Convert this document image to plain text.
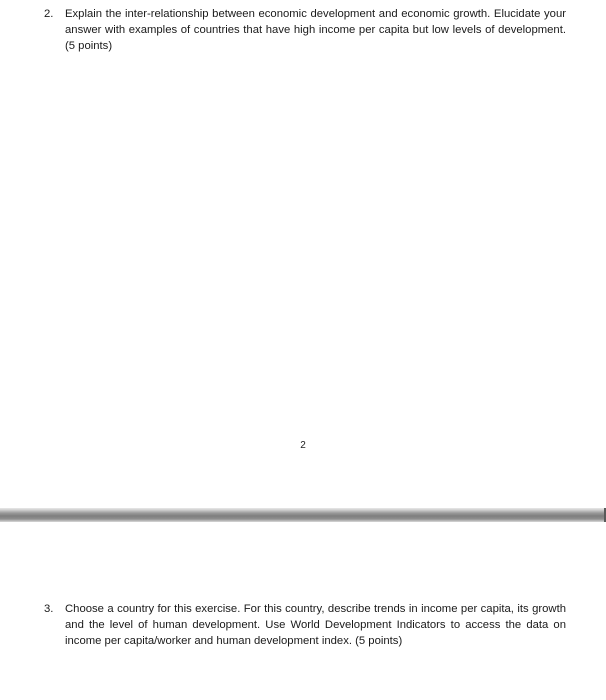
2.	Explain the inter-relationship between economic development and economic growth. Elucidate your answer with examples of countries that have high income per capita but low levels of development. (5 points)
2
3.	Choose a country for this exercise. For this country, describe trends in income per capita, its growth and the level of human development. Use World Development Indicators to access the data on income per capita/worker and human development index. (5 points)
